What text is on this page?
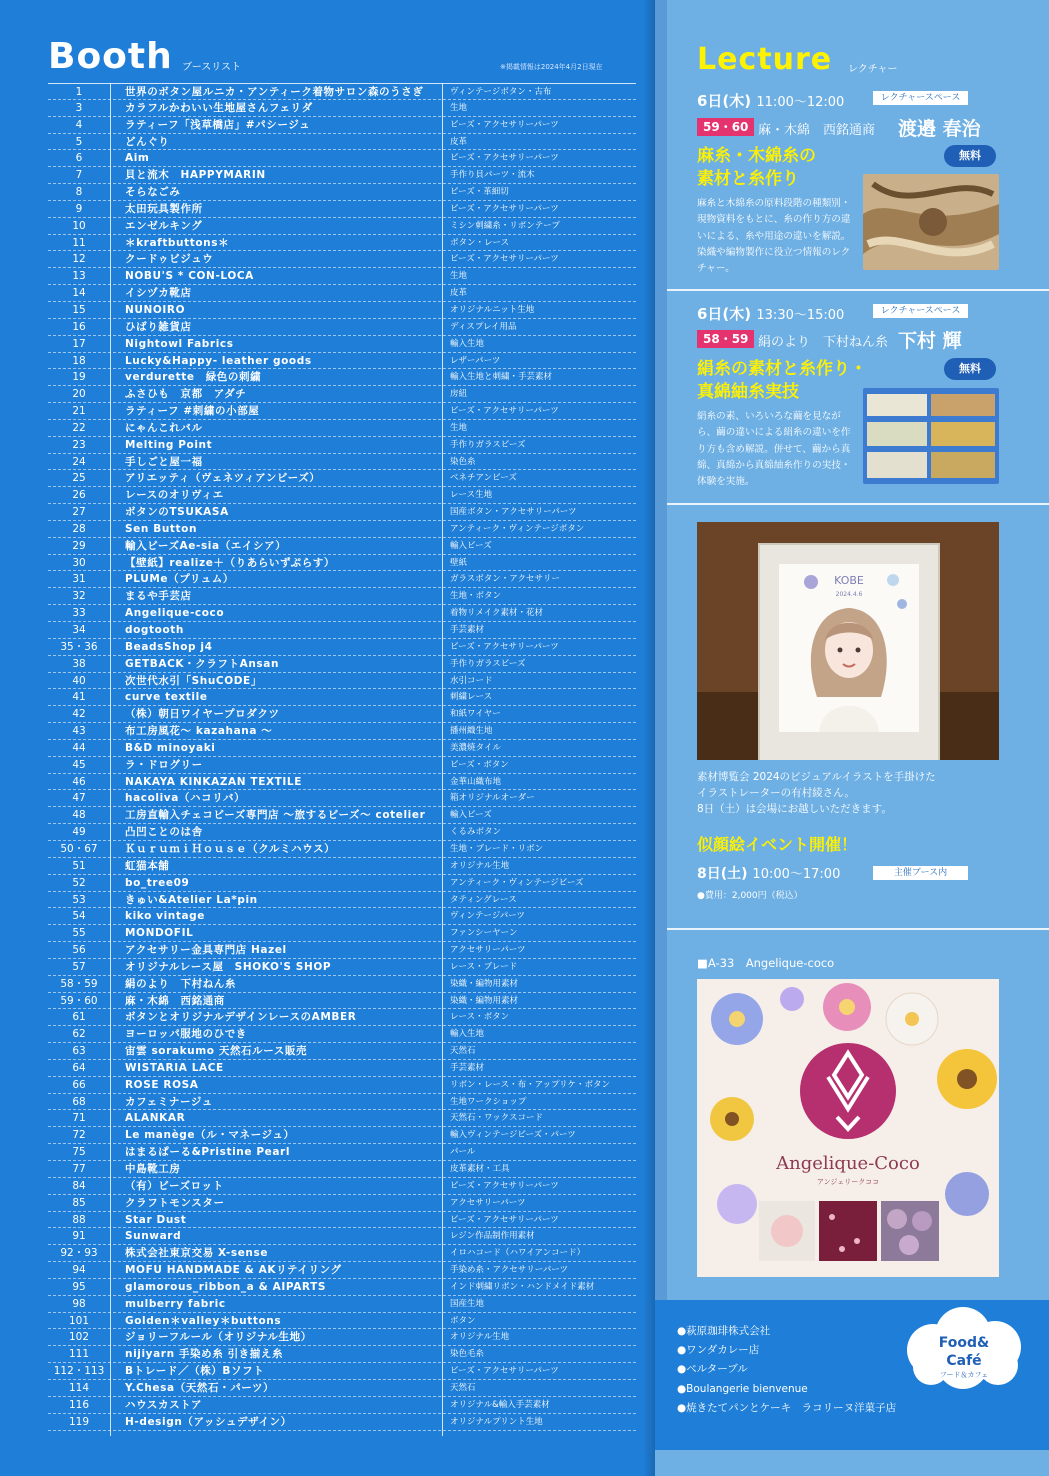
Booth ブースリスト	※掲載情報は2024年4月2日現在
1	世界のボタン屋ルニカ・アンティーク着物サロン森のうさぎ	ヴィンテージボタン・古布
3	カラフルかわいい生地屋さんフェリダ	生地
4	ラティーフ「浅草橋店」#パシージュ	ビーズ・アクセサリーパーツ
5	どんぐり	皮革
6	Aim	ビーズ・アクセサリーパーツ
7	貝と流木　HAPPYMARIN	手作り貝パーツ・流木
8	そらなごみ	ビーズ・革細切
9	太田玩具製作所	ビーズ・アクセサリーパーツ
10	エンゼルキング	ミシン刺繍糸・リボンテープ
11	＊kraftbuttons＊	ボタン・レース
12	クードゥビジュウ	ビーズ・アクセサリーパーツ
13	NOBU'S * CON-LOCA	生地
14	イシヅカ靴店	皮革
15	NUNOIRO	オリジナルニット生地
16	ひばり雑貨店	ディスプレイ用品
17	Nightowl Fabrics	輸入生地
18	Lucky&Happy- leather goods	レザーパーツ
19	verdurette　緑色の刺繍	輸入生地と刺繍・手芸素材
20	ふさひも　京都　アダチ	房紐
21	ラティーフ #刺繍の小部屋	ビーズ・アクセサリーパーツ
22	にゃんこれバル	生地
23	Melting Point	手作りガラスビーズ
24	手しごと屋一福	染色糸
25	アリエッティ（ヴェネツィアンビーズ）	ベネチアンビーズ
26	レースのオリヴィエ	レース生地
27	ボタンのTSUKASA	国産ボタン・アクセサリーパーツ
28	Sen Button	アンティーク・ヴィンテージボタン
29	輸入ビーズAe-sia（エイシア）	輸入ビーズ
30	【壁紙】realize＋（りあらいずぷらす）	壁紙
31	PLUMe（プリュム）	ガラスボタン・アクセサリー
32	まるや手芸店	生地・ボタン
33	Angelique-coco	着物リメイク素材・花材
34	dogtooth	手芸素材
35・36	BeadsShop j4	ビーズ・アクセサリーパーツ
38	GETBACK・クラフトAnsan	手作りガラスビーズ
40	次世代水引「ShuCODE」	水引コード
41	curve textile	刺繍レース
42	（株）朝日ワイヤープロダクツ	和紙ワイヤー
43	布工房風花〜 kazahana 〜	播州織生地
44	B&D minoyaki	美濃焼タイル
45	ラ・ドログリー	ビーズ・ボタン
46	NAKAYA KINKAZAN TEXTILE	金華山織布地
47	hacoliva（ハコリバ）	箱オリジナルオーダー
48	工房直輸入チェコビーズ専門店 〜旅するビーズ〜 cotelier	輸入ビーズ
49	凸凹ことのは舎	くるみボタン
50・67	ＫｕｒｕｍｉＨｏｕｓｅ（クルミハウス）	生地・ブレード・リボン
51	虹猫本舗	オリジナル生地
52	bo_tree09	アンティーク・ヴィンテージビーズ
53	きゅい&Atelier La*pin	タティングレース
54	kiko vintage	ヴィンテージパーツ
55	MONDOFIL	ファンシーヤーン
56	アクセサリー金具専門店 Hazel	アクセサリーパーツ
57	オリジナルレース屋　SHOKO'S SHOP	レース・ブレード
58・59	絹のより　下村ねん糸	染織・編物用素材
59・60	麻・木綿　西銘通商	染織・編物用素材
61	ボタンとオリジナルデザインレースのAMBER	レース・ボタン
62	ヨーロッパ服地のひでき	輸入生地
63	宙雲 sorakumo 天然石ルース販売	天然石
64	WISTARIA LACE	手芸素材
66	ROSE ROSA	リボン・レース・布・アップリケ・ボタン
68	カフェミナージュ	生地ワークショップ
71	ALANKAR	天然石・ワックスコード
72	Le manège（ル・マネージュ）	輸入ヴィンテージビーズ・パーツ
75	はまるぱーる&Pristine Pearl	パール
77	中島靴工房	皮革素材・工具
84	（有）ビーズロット	ビーズ・アクセサリーパーツ
85	クラフトモンスター	アクセサリーパーツ
88	Star Dust	ビーズ・アクセサリーパーツ
91	Sunward	レジン作品制作用素材
92・93	株式会社東京交易 X-sense	イロハコード（ハワイアンコード）
94	MOFU HANDMADE & AKリテイリング	手染め糸・アクセサリーパーツ
95	glamorous_ribbon_a & AIPARTS	インド刺繍リボン・ハンドメイド素材
98	mulberry fabric	国産生地
101	Golden＊valley＊buttons	ボタン
102	ジョリーフルール（オリジナル生地）	オリジナル生地
111	nijiyarn 手染め糸 引き揃え糸	染色毛糸
112・113	Bトレード／（株）Bソフト	ビーズ・アクセサリーパーツ
114	Y.Chesa（天然石・パーツ）	天然石
116	ハウスカストア	オリジナル&輸入手芸素材
119	H-design（アッシュデザイン）	オリジナルプリント生地
Lecture レクチャー
6日(木) 11:00〜12:00	レクチャースペース
59・60 麻・木綿　西銘通商 渡邉 春治
麻糸・木綿糸の
素材と糸作り
無料
麻糸と木綿糸の原料段階の種類別・現物資料をもとに、糸の作り方の違いによる、糸や用途の違いを解説。染織や編物製作に役立つ情報のレクチャー。
6日(木) 13:30〜15:00	レクチャースペース
58・59 絹のより　下村ねん糸 下村 輝
絹糸の素材と糸作り・
真綿紬糸実技
無料
絹糸の素、いろいろな繭を見ながら、繭の違いによる絹糸の違いを作り方も含め解説。併せて、繭から真綿、真綿から真綿紬糸作りの実技・体験を実施。
KOBE
2024.4.6
素材博覧会 2024のビジュアルイラストを手掛けた
イラストレーターの有村綾さん。
8日（土）は会場にお越しいただきます。
似顔絵イベント開催！
8日(土) 10:00〜17:00	主催ブース内
●費用：2,000円（税込）
■A-33　Angelique-coco
Angelique-Coco
アンジェリークココ
●萩原珈琲株式会社
●ワンダカレー店
●ベルターブル
●Boulangerie bienvenue
●焼きたてパンとケーキ　ラコリーヌ洋菓子店
Food&
Café
フード＆カフェ
